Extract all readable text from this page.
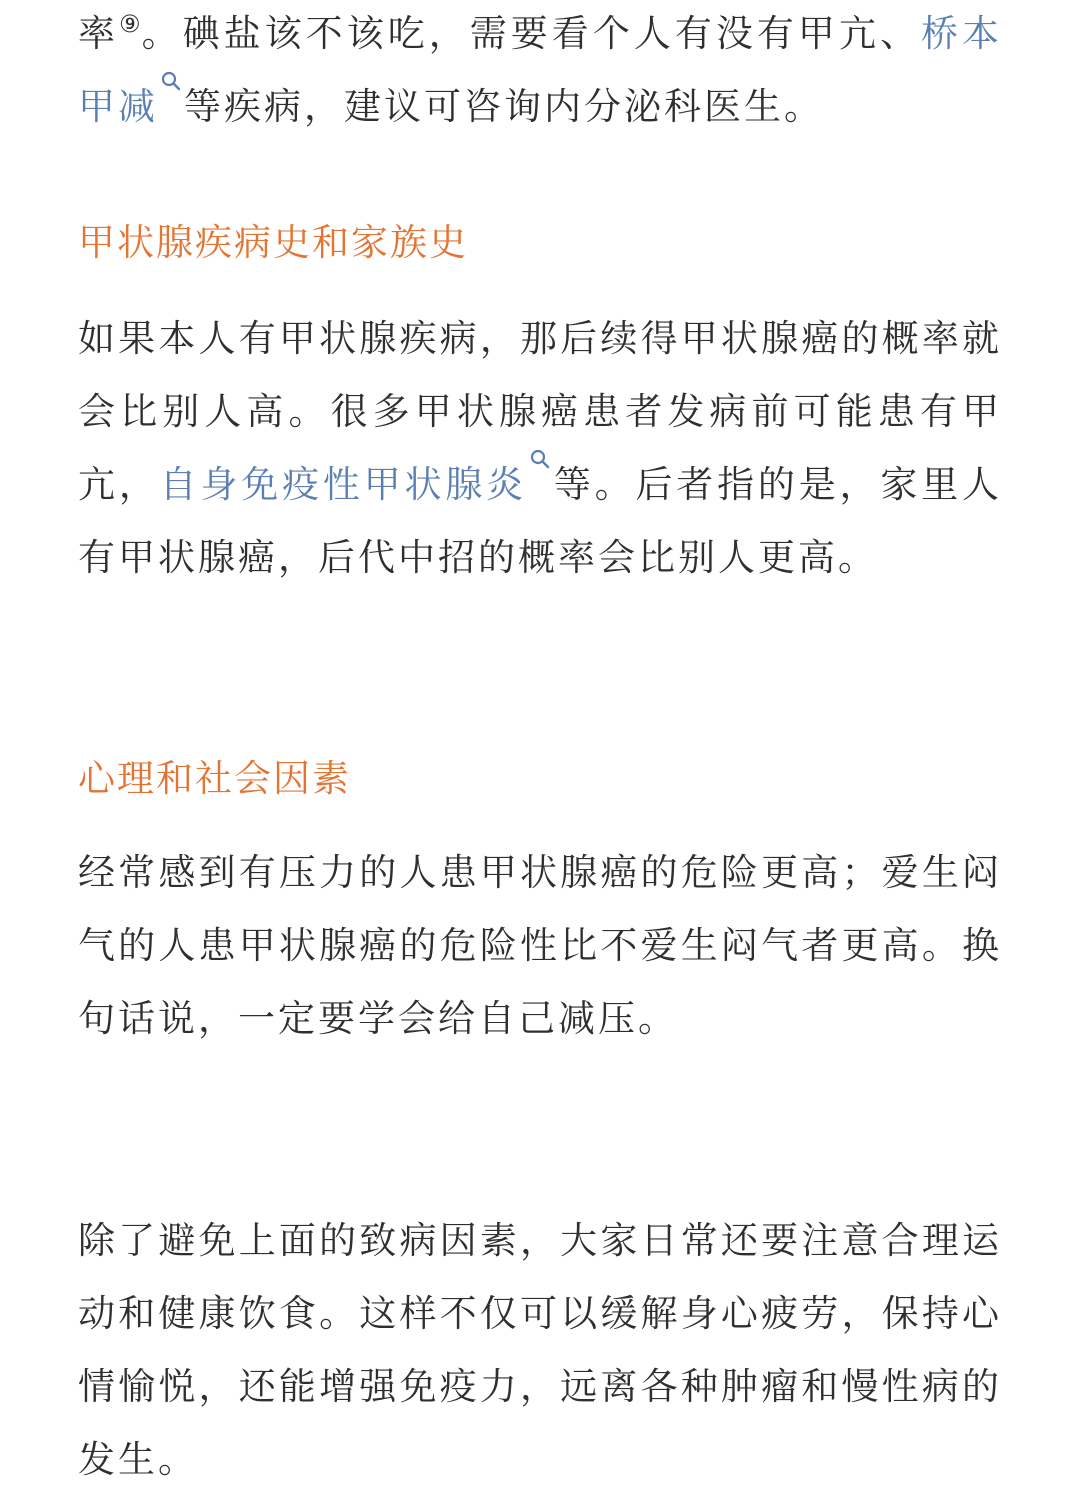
率⑨。碘盐该不该吃，需要看个人有没有甲亢、桥本甲减 等疾病，建议可咨询内分泌科医生。

甲状腺疾病史和家族史

如果本人有甲状腺疾病，那后续得甲状腺癌的概率就会比别人高。很多甲状腺癌患者发病前可能患有甲亢，自身免疫性甲状腺炎 等。后者指的是，家里人有甲状腺癌，后代中招的概率会比别人更高。

心理和社会因素

经常感到有压力的人患甲状腺癌的危险更高；爱生闷气的人患甲状腺癌的危险性比不爱生闷气者更高。换句话说，一定要学会给自己减压。

除了避免上面的致病因素，大家日常还要注意合理运动和健康饮食。这样不仅可以缓解身心疲劳，保持心情愉悦，还能增强免疫力，远离各种肿瘤和慢性病的发生。
